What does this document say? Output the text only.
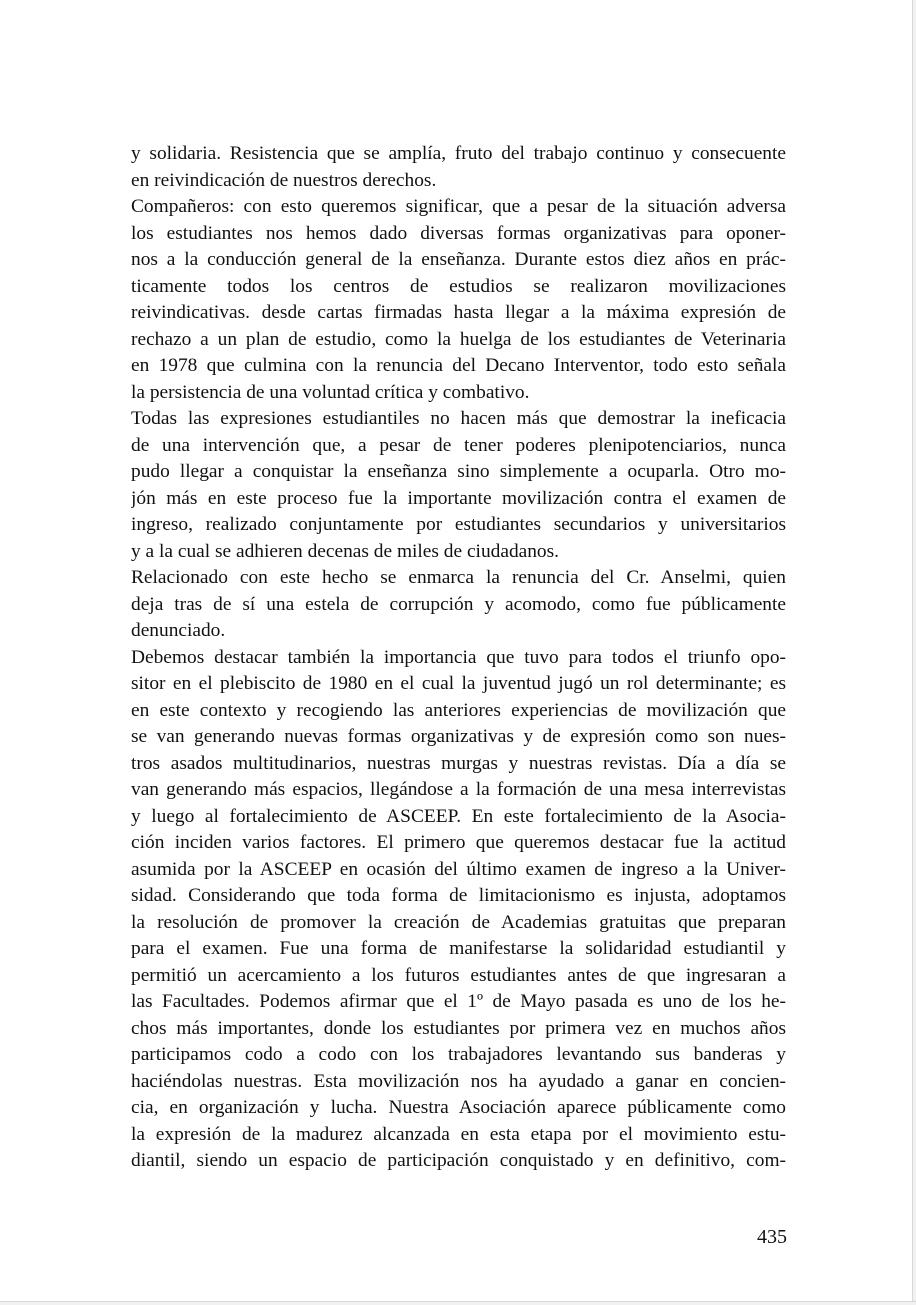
y solidaria. Resistencia que se amplía, fruto del trabajo continuo y consecuente
en reivindicación de nuestros derechos.
Compañeros: con esto queremos significar, que a pesar de la situación adversa
los estudiantes nos hemos dado diversas formas organizativas para oponer-
nos a la conducción general de la enseñanza. Durante estos diez años en prác-
ticamente todos los centros de estudios se realizaron movilizaciones
reivindicativas. desde cartas firmadas hasta llegar a la máxima expresión de
rechazo a un plan de estudio, como la huelga de los estudiantes de Veterinaria
en 1978 que culmina con la renuncia del Decano Interventor, todo esto señala
la persistencia de una voluntad crítica y combativo.
Todas las expresiones estudiantiles no hacen más que demostrar la ineficacia
de una intervención que, a pesar de tener poderes plenipotenciarios, nunca
pudo llegar a conquistar la enseñanza sino simplemente a ocuparla. Otro mo-
jón más en este proceso fue la importante movilización contra el examen de
ingreso, realizado conjuntamente por estudiantes secundarios y universitarios
y a la cual se adhieren decenas de miles de ciudadanos.
Relacionado con este hecho se enmarca la renuncia del Cr. Anselmi, quien
deja tras de sí una estela de corrupción y acomodo, como fue públicamente
denunciado.
Debemos destacar también la importancia que tuvo para todos el triunfo opo-
sitor en el plebiscito de 1980 en el cual la juventud jugó un rol determinante; es
en este contexto y recogiendo las anteriores experiencias de movilización que
se van generando nuevas formas organizativas y de expresión como son nues-
tros asados multitudinarios, nuestras murgas y nuestras revistas. Día a día se
van generando más espacios, llegándose a la formación de una mesa interrevistas
y luego al fortalecimiento de ASCEEP. En este fortalecimiento de la Asocia-
ción inciden varios factores. El primero que queremos destacar fue la actitud
asumida por la ASCEEP en ocasión del último examen de ingreso a la Univer-
sidad. Considerando que toda forma de limitacionismo es injusta, adoptamos
la resolución de promover la creación de Academias gratuitas que preparan
para el examen. Fue una forma de manifestarse la solidaridad estudiantil y
permitió un acercamiento a los futuros estudiantes antes de que ingresaran a
las Facultades. Podemos afirmar que el 1º de Mayo pasada es uno de los he-
chos más importantes, donde los estudiantes por primera vez en muchos años
participamos codo a codo con los trabajadores levantando sus banderas y
haciéndolas nuestras. Esta movilización nos ha ayudado a ganar en concien-
cia, en organización y lucha. Nuestra Asociación aparece públicamente como
la expresión de la madurez alcanzada en esta etapa por el movimiento estu-
diantil, siendo un espacio de participación conquistado y en definitivo, com-
435
